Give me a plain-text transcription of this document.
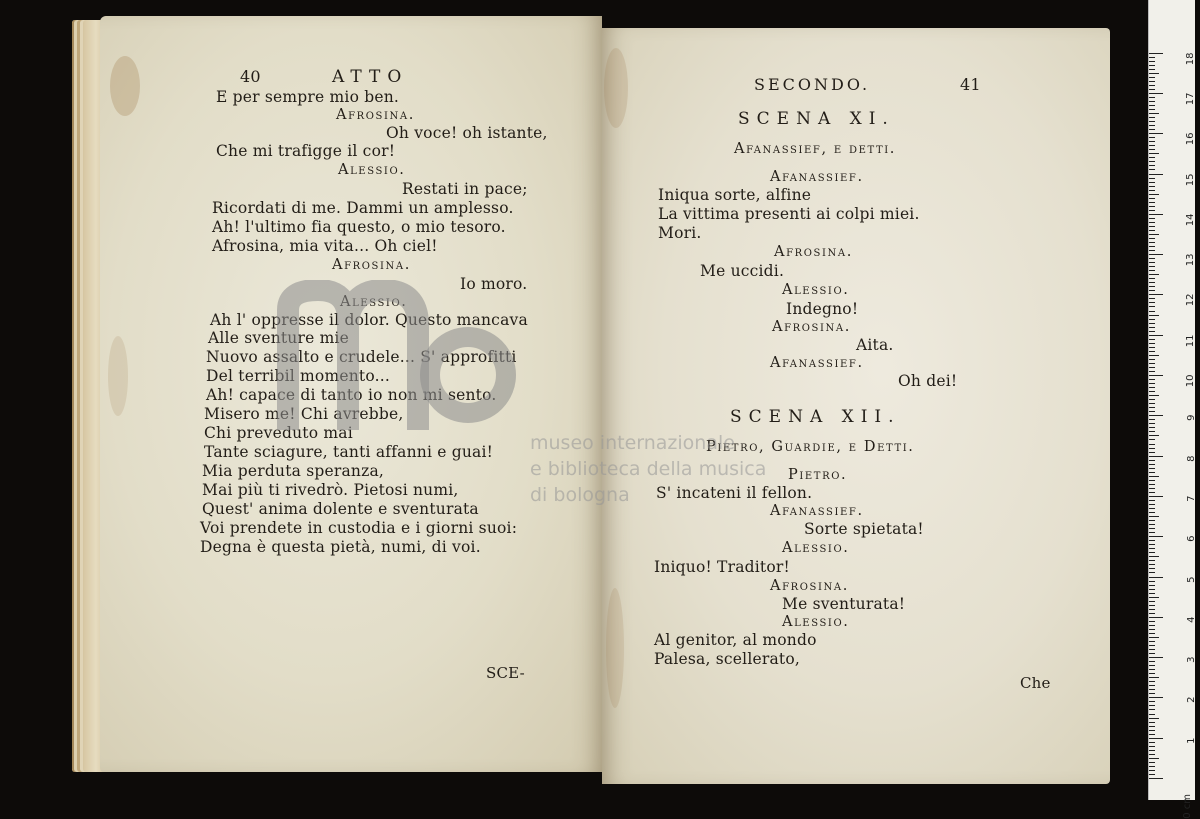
40	ATTO
E per sempre mio ben.
Afrosina.
Oh voce! oh istante,
Che mi trafigge il cor!
Alessio.
Restati in pace;
Ricordati di me. Dammi un amplesso.
Ah! l'ultimo fia questo, o mio tesoro.
Afrosina, mia vita... Oh ciel!
Afrosina.
Io moro.
Alessio.
Ah l' oppresse il dolor. Questo mancava
Alle sventure mie
Nuovo assalto e crudele... S' approfitti
Del terribil momento...
Ah! capace di tanto io non mi sento.
Misero me! Chi avrebbe,
Chi preveduto mai
Tante sciagure, tanti affanni e guai!
Mia perduta speranza,
Mai più ti rivedrò. Pietosi numi,
Quest' anima dolente e sventurata
Voi prendete in custodia e i giorni suoi:
Degna è questa pietà, numi, di voi.
SCE-
SECONDO.	41
SCENA XI.
Afanassief, e detti.
Afanassief.
Iniqua sorte, alfine
La vittima presenti ai colpi miei.
Mori.
Afrosina.
Me uccidi.
Alessio.
Indegno!
Afrosina.
Aita.
Afanassief.
Oh dei!
SCENA XII.
Pietro, Guardie, e Detti.
Pietro.
S' incateni il fellon.
Afanassief.
Sorte spietata!
Alessio.
Iniquo! Traditor!
Afrosina.
Me sventurata!
Alessio.
Al genitor, al mondo
Palesa, scellerato,
Che
museo internazionale
e biblioteca della musica
di bologna
0 cm
1
2
3
4
5
6
7
8
9
10
11
12
13
14
15
16
17
18
